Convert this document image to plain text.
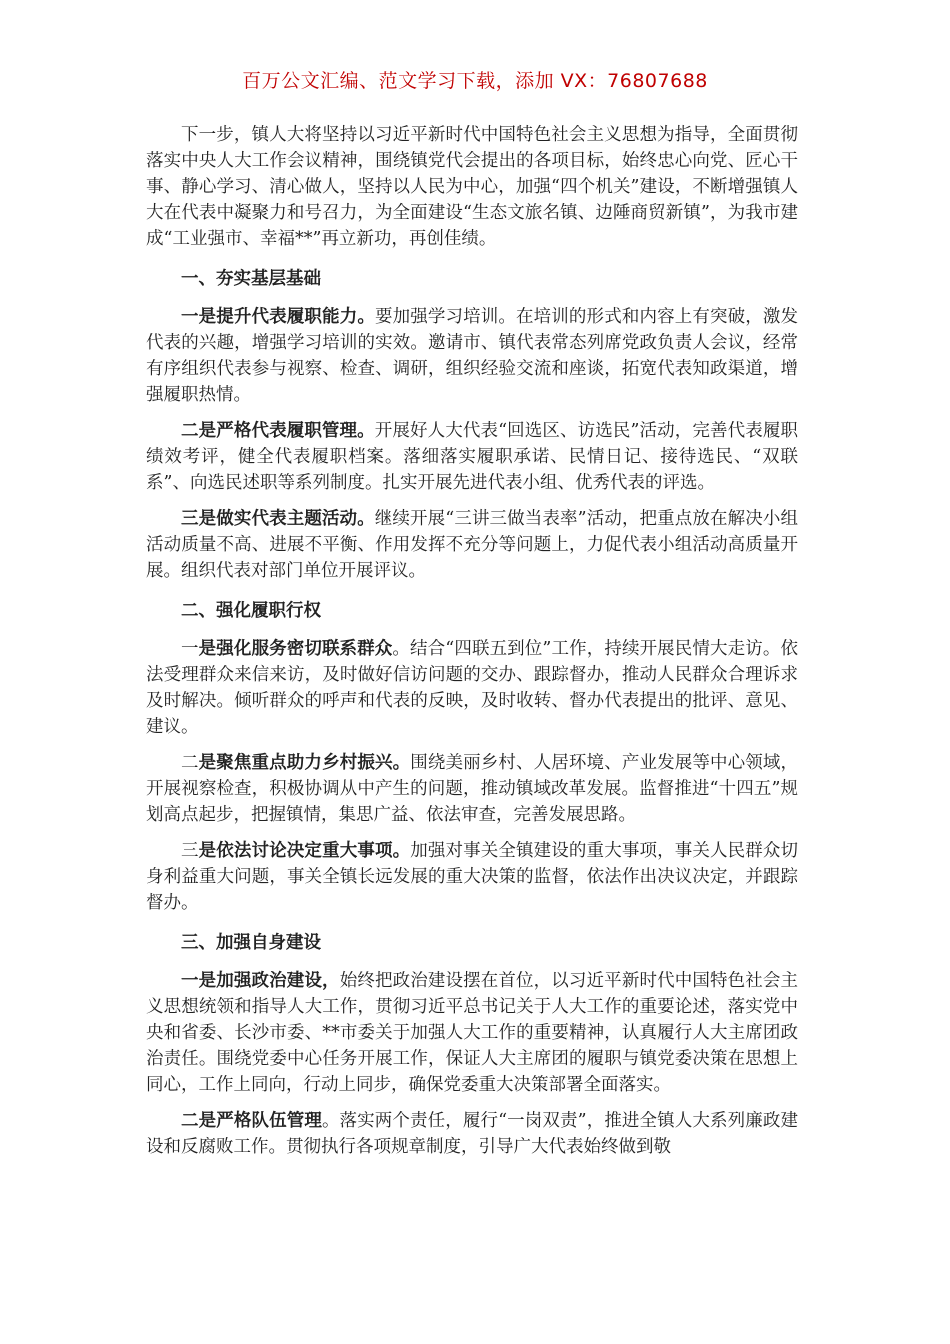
百万公文汇编、范文学习下载，添加 VX：76807688

下一步，镇人大将坚持以习近平新时代中国特色社会主义思想为指导，全面贯彻落实中央人大工作会议精神，围绕镇党代会提出的各项目标，始终忠心向党、匠心干事、静心学习、清心做人，坚持以人民为中心，加强“四个机关”建设，不断增强镇人大在代表中凝聚力和号召力，为全面建设“生态文旅名镇、边陲商贸新镇”，为我市建成“工业强市、幸福**”再立新功，再创佳绩。

一、夯实基层基础

一是提升代表履职能力。要加强学习培训。在培训的形式和内容上有突破，激发代表的兴趣，增强学习培训的实效。邀请市、镇代表常态列席党政负责人会议，经常有序组织代表参与视察、检查、调研，组织经验交流和座谈，拓宽代表知政渠道，增强履职热情。

二是严格代表履职管理。开展好人大代表“回选区、访选民”活动，完善代表履职绩效考评，健全代表履职档案。落细落实履职承诺、民情日记、接待选民、“双联系”、向选民述职等系列制度。扎实开展先进代表小组、优秀代表的评选。

三是做实代表主题活动。继续开展“三讲三做当表率”活动，把重点放在解决小组活动质量不高、进展不平衡、作用发挥不充分等问题上，力促代表小组活动高质量开展。组织代表对部门单位开展评议。

二、强化履职行权

一是强化服务密切联系群众。结合“四联五到位”工作，持续开展民情大走访。依法受理群众来信来访，及时做好信访问题的交办、跟踪督办，推动人民群众合理诉求及时解决。倾听群众的呼声和代表的反映，及时收转、督办代表提出的批评、意见、建议。

二是聚焦重点助力乡村振兴。围绕美丽乡村、人居环境、产业发展等中心领域，开展视察检查，积极协调从中产生的问题，推动镇域改革发展。监督推进“十四五”规划高点起步，把握镇情，集思广益、依法审查，完善发展思路。

三是依法讨论决定重大事项。加强对事关全镇建设的重大事项，事关人民群众切身利益重大问题，事关全镇长远发展的重大决策的监督，依法作出决议决定，并跟踪督办。

三、加强自身建设

一是加强政治建设，始终把政治建设摆在首位，以习近平新时代中国特色社会主义思想统领和指导人大工作，贯彻习近平总书记关于人大工作的重要论述，落实党中央和省委、长沙市委、**市委关于加强人大工作的重要精神，认真履行人大主席团政治责任。围绕党委中心任务开展工作，保证人大主席团的履职与镇党委决策在思想上同心，工作上同向，行动上同步，确保党委重大决策部署全面落实。

二是严格队伍管理。落实两个责任，履行“一岗双责”，推进全镇人大系列廉政建设和反腐败工作。贯彻执行各项规章制度，引导广大代表始终做到敬
